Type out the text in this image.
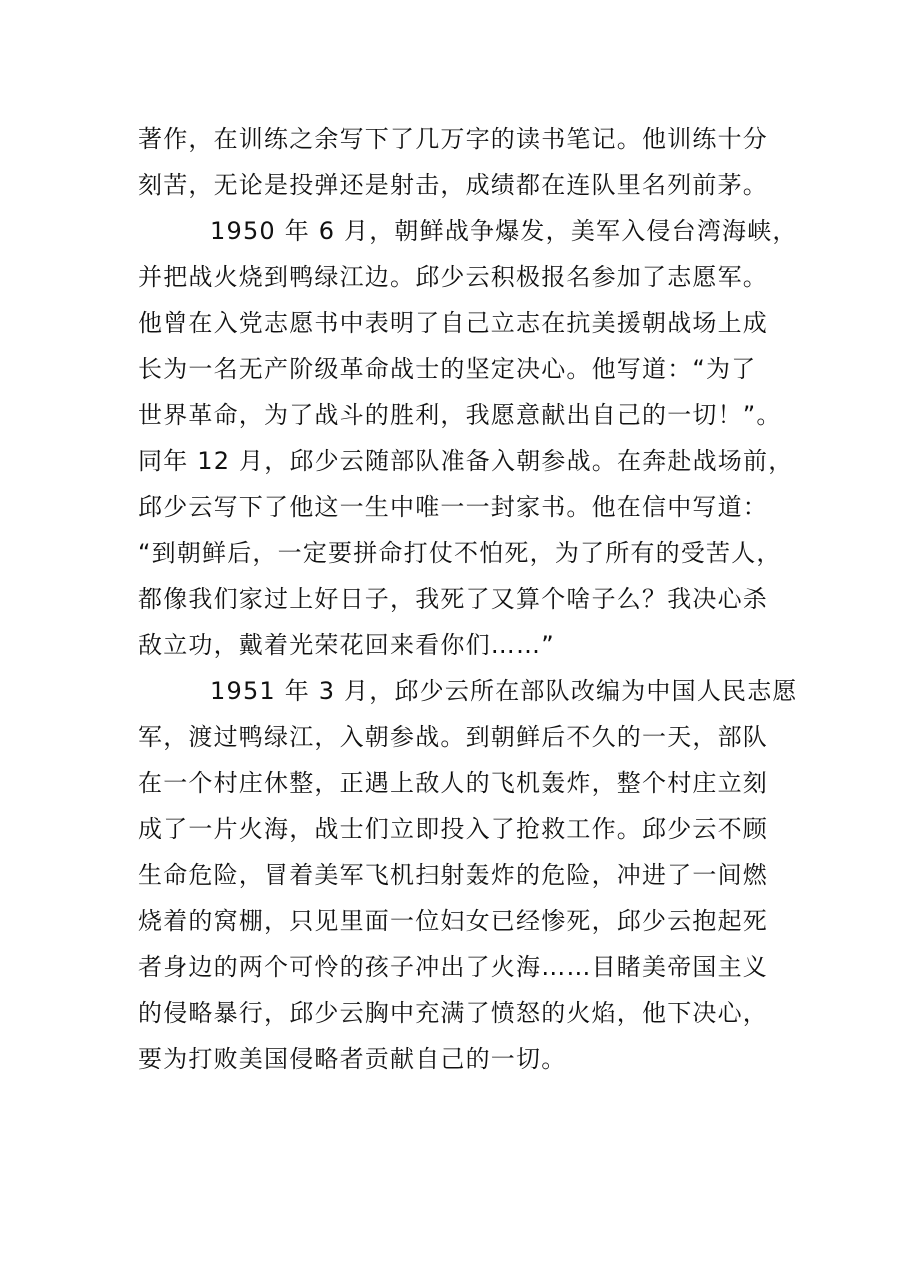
著作，在训练之余写下了几万字的读书笔记。他训练十分
刻苦，无论是投弹还是射击，成绩都在连队里名列前茅。
1950 年 6 月，朝鲜战争爆发，美军入侵台湾海峡，
并把战火烧到鸭绿江边。邱少云积极报名参加了志愿军。
他曾在入党志愿书中表明了自己立志在抗美援朝战场上成
长为一名无产阶级革命战士的坚定决心。他写道：“为了
世界革命，为了战斗的胜利，我愿意献出自己的一切！”。
同年 12 月，邱少云随部队准备入朝参战。在奔赴战场前，
邱少云写下了他这一生中唯一一封家书。他在信中写道：
“到朝鲜后，一定要拼命打仗不怕死，为了所有的受苦人，
都像我们家过上好日子，我死了又算个啥子么？我决心杀
敌立功，戴着光荣花回来看你们……”
1951 年 3 月，邱少云所在部队改编为中国人民志愿
军，渡过鸭绿江，入朝参战。到朝鲜后不久的一天，部队
在一个村庄休整，正遇上敌人的飞机轰炸，整个村庄立刻
成了一片火海，战士们立即投入了抢救工作。邱少云不顾
生命危险，冒着美军飞机扫射轰炸的危险，冲进了一间燃
烧着的窝棚，只见里面一位妇女已经惨死，邱少云抱起死
者身边的两个可怜的孩子冲出了火海……目睹美帝国主义
的侵略暴行，邱少云胸中充满了愤怒的火焰，他下决心，
要为打败美国侵略者贡献自己的一切。
